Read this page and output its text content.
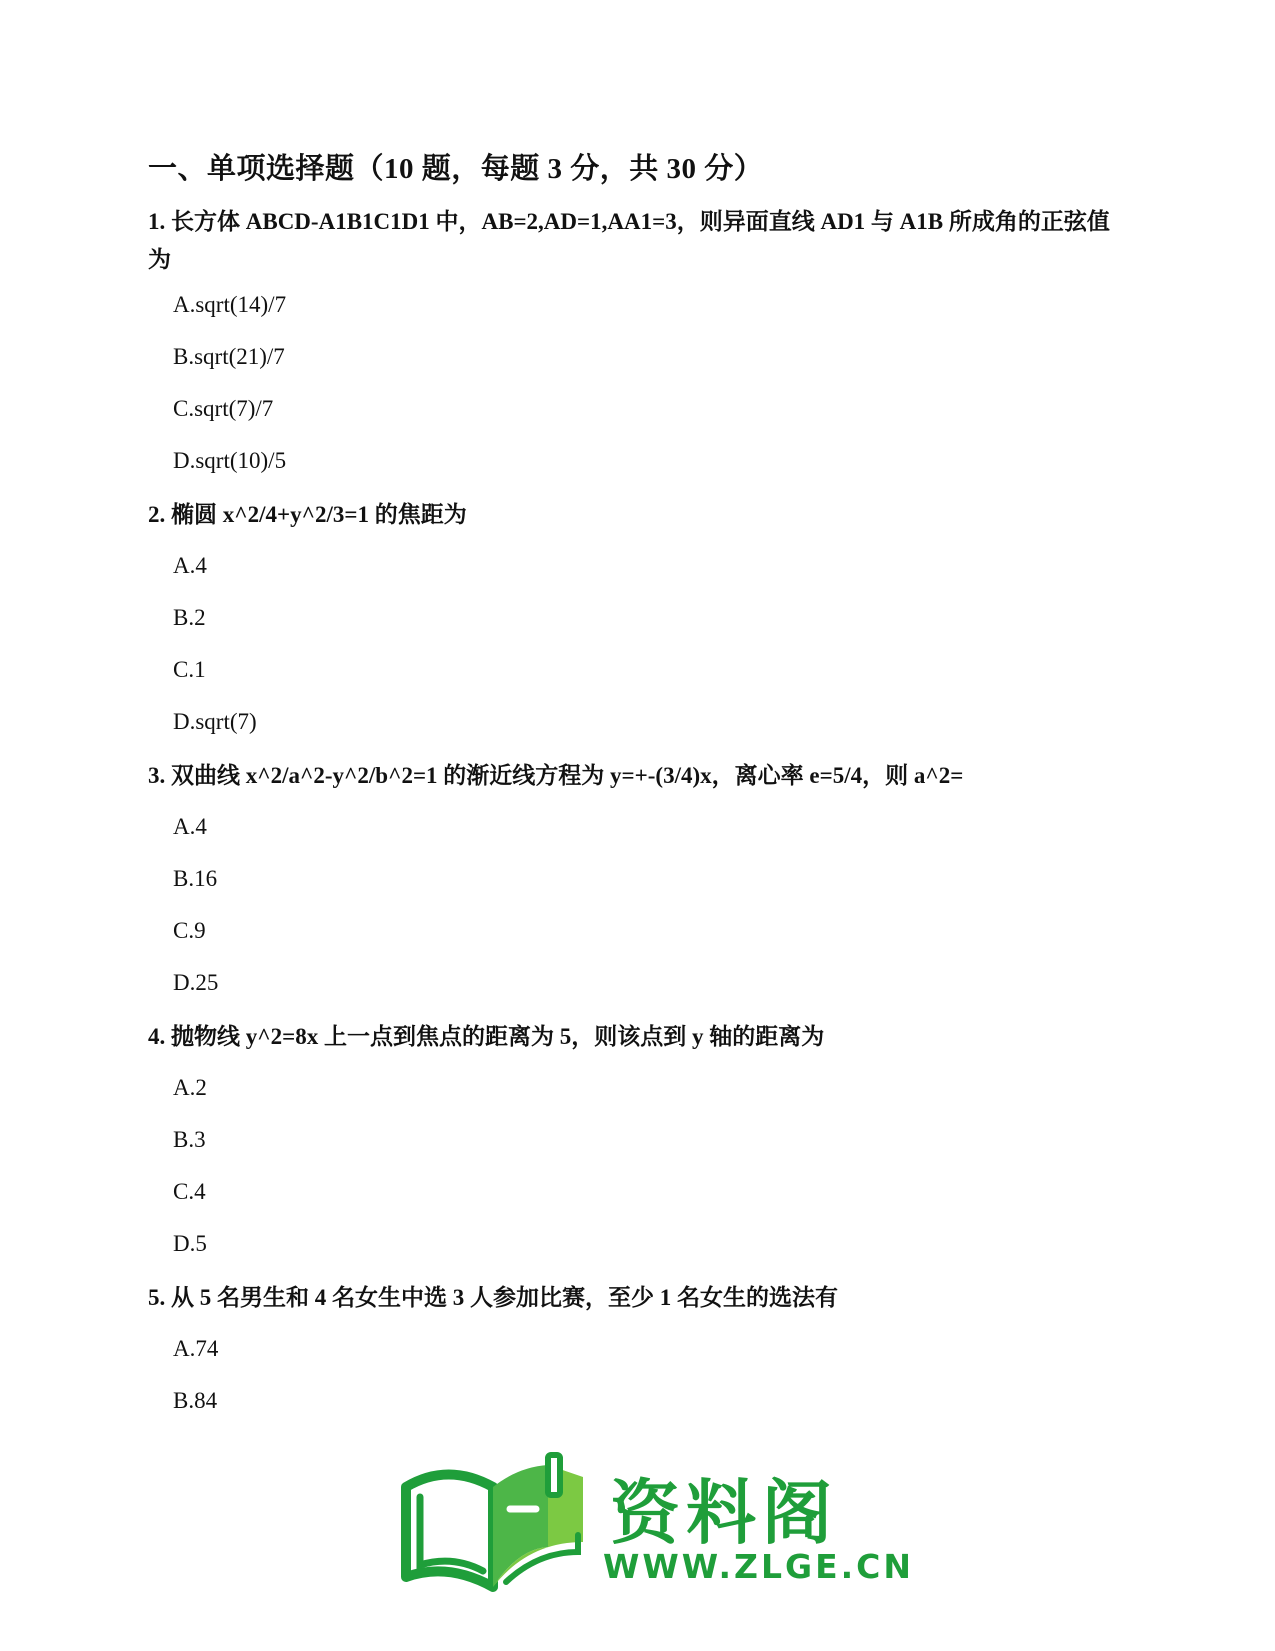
一、单项选择题（10 题，每题 3 分，共 30 分）
1. 长方体 ABCD-A1B1C1D1 中，AB=2,AD=1,AA1=3，则异面直线 AD1 与 A1B 所成角的正弦值为
A.sqrt(14)/7
B.sqrt(21)/7
C.sqrt(7)/7
D.sqrt(10)/5
2. 椭圆 x^2/4+y^2/3=1 的焦距为
A.4
B.2
C.1
D.sqrt(7)
3. 双曲线 x^2/a^2-y^2/b^2=1 的渐近线方程为 y=+-(3/4)x，离心率 e=5/4，则 a^2=
A.4
B.16
C.9
D.25
4. 抛物线 y^2=8x 上一点到焦点的距离为 5，则该点到 y 轴的距离为
A.2
B.3
C.4
D.5
5. 从 5 名男生和 4 名女生中选 3 人参加比赛，至少 1 名女生的选法有
A.74
B.84
资料阁
WWW.ZLGE.CN
